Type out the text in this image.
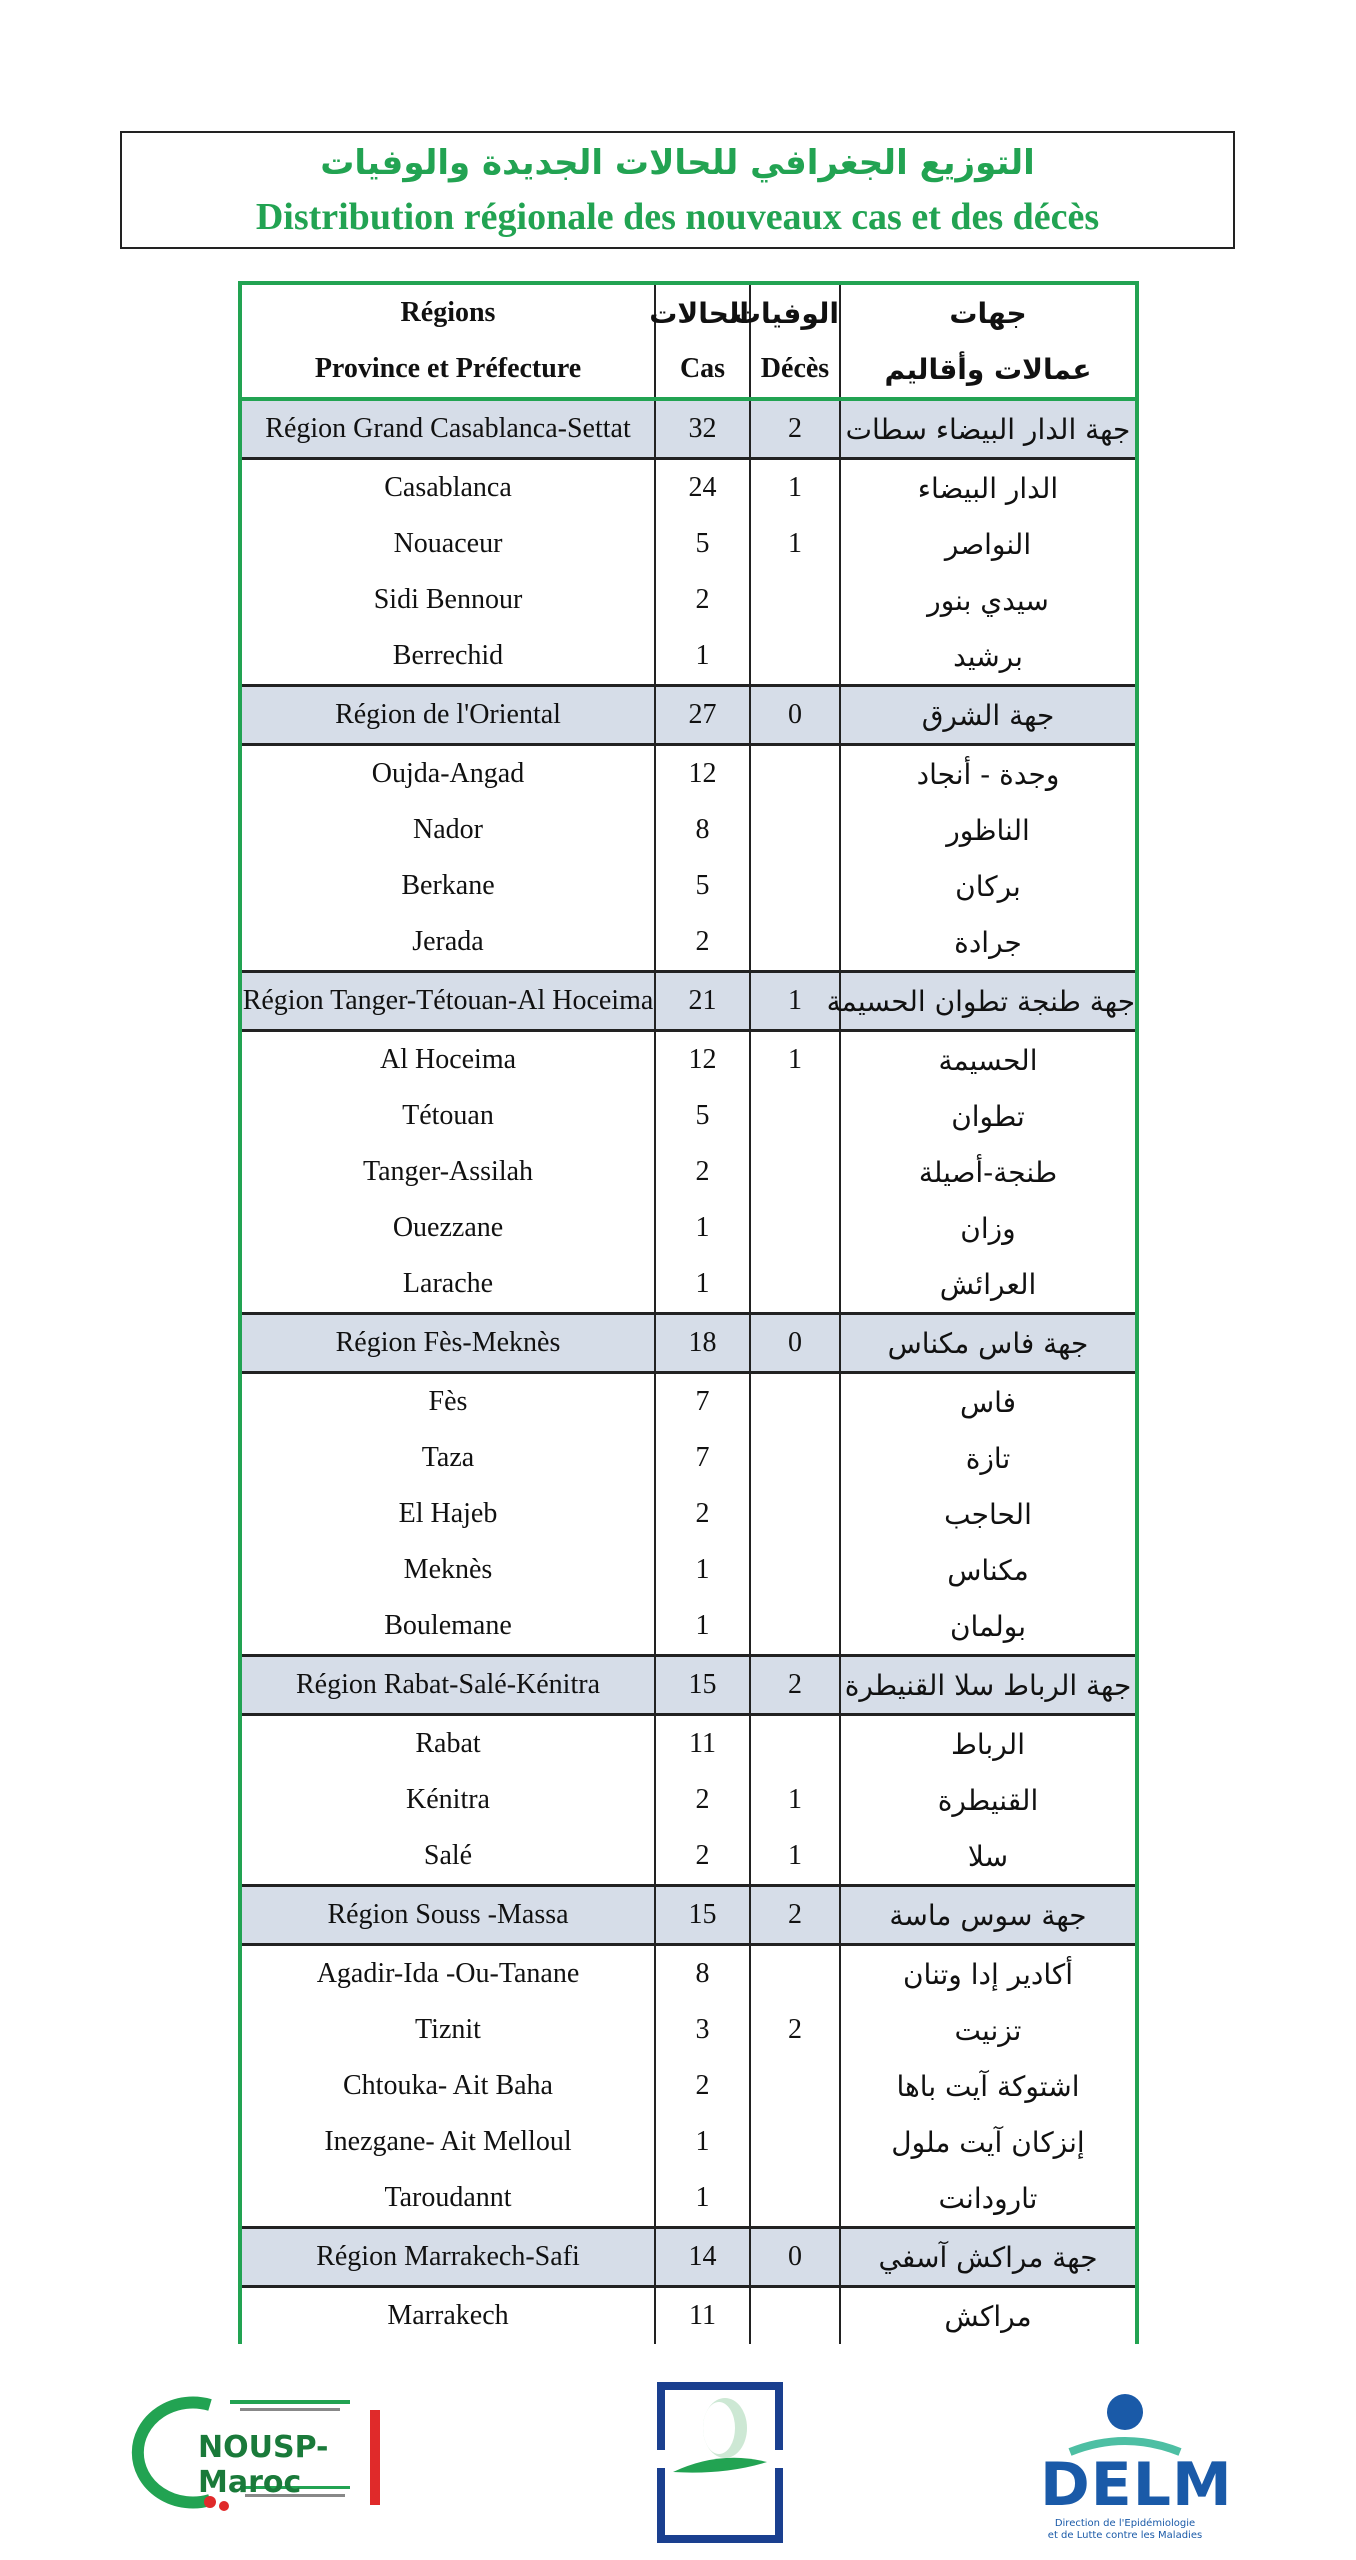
التوزيع الجغرافي للحالات الجديدة والوفيات
Distribution régionale des nouveaux cas et des décès
Régions	الحالات	الوفيات	جهات
Province et Préfecture	Cas	Décès	عمالات وأقاليم
Région Grand Casablanca-Settat	32	2	جهة الدار البيضاء سطات
Casablanca	24	1	الدار البيضاء
Nouaceur	5	1	النواصر
Sidi Bennour	2		سيدي بنور
Berrechid	1		برشيد
Région de l'Oriental	27	0	جهة الشرق
Oujda-Angad	12		وجدة - أنجاد
Nador	8		الناظور
Berkane	5		بركان
Jerada	2		جرادة
Région Tanger-Tétouan-Al Hoceima	21	1	جهة طنجة تطوان الحسيمة
Al Hoceima	12	1	الحسيمة
Tétouan	5		تطوان
Tanger-Assilah	2		طنجة-أصيلة
Ouezzane	1		وزان
Larache	1		العرائش
Région Fès-Meknès	18	0	جهة فاس مكناس
Fès	7		فاس
Taza	7		تازة
El Hajeb	2		الحاجب
Meknès	1		مكناس
Boulemane	1		بولمان
Région Rabat-Salé-Kénitra	15	2	جهة الرباط سلا القنيطرة
Rabat	11		الرباط
Kénitra	2	1	القنيطرة
Salé	2	1	سلا
Région Souss -Massa	15	2	جهة سوس ماسة
Agadir-Ida -Ou-Tanane	8		أكادير إدا وتنان
Tiznit	3	2	تزنيت
Chtouka- Ait Baha	2		اشتوكة آيت باها
Inezgane- Ait Melloul	1		إنزكان آيت ملول
Taroudannt	1		تارودانت
Région Marrakech-Safi	14	0	جهة مراكش آسفي
Marrakech	11		مراكش
NOUSP-Maroc	DELM
Direction de l'Epidémiologie
et de Lutte contre les Maladies
